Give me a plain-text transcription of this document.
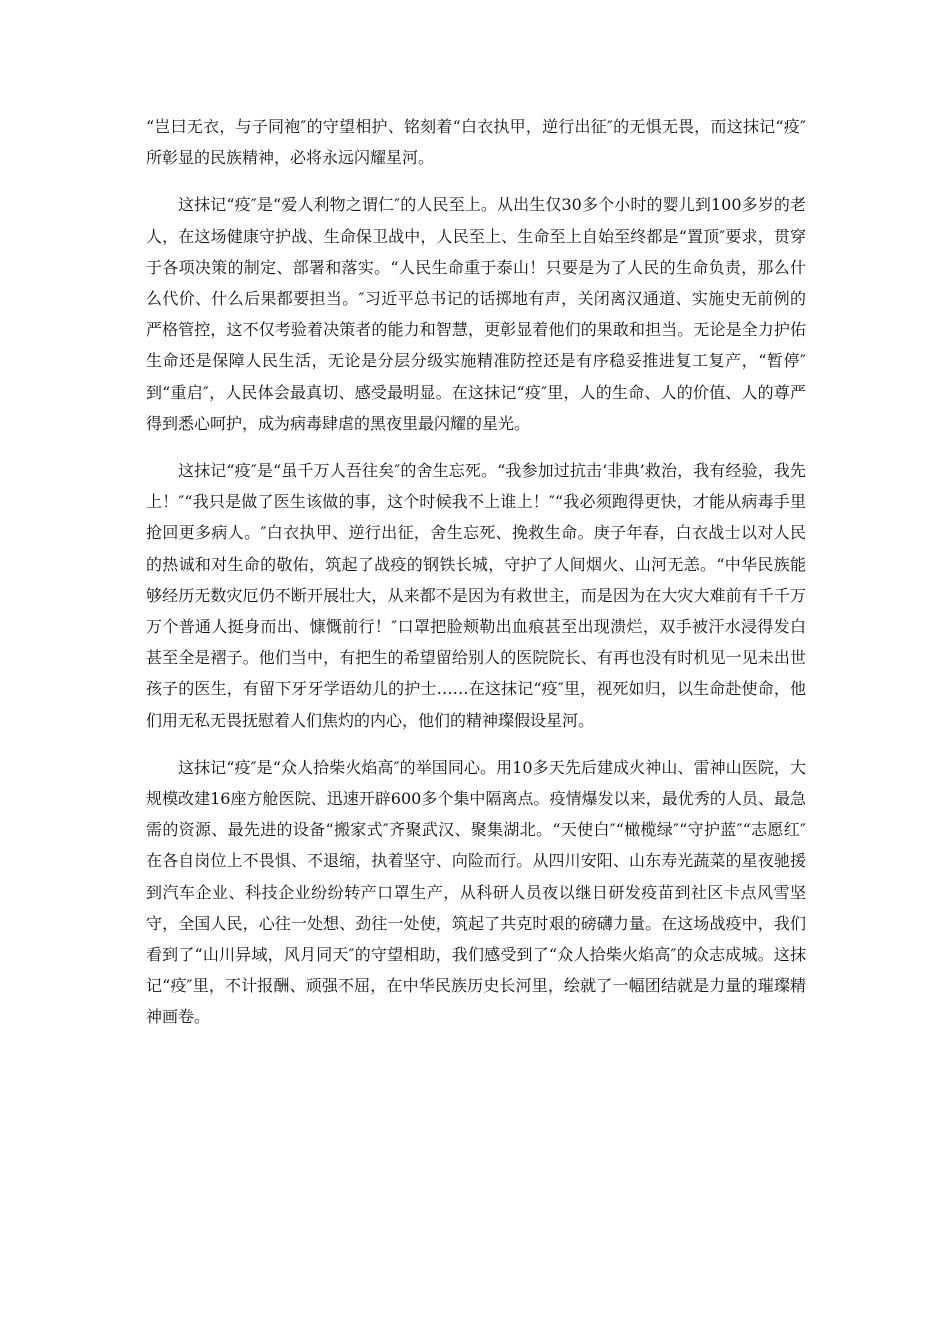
“岂曰无衣，与子同袍″的守望相护、铭刻着“白衣执甲，逆行出征″的无惧无畏，而这抹记“疫″所彰显的民族精神，必将永远闪耀星河。

这抹记“疫″是“爱人利物之谓仁″的人民至上。从出生仅30多个小时的婴儿到100多岁的老人，在这场健康守护战、生命保卫战中，人民至上、生命至上自始至终都是“置顶″要求，贯穿于各项决策的制定、部署和落实。“人民生命重于泰山！只要是为了人民的生命负责，那么什么代价、什么后果都要担当。″习近平总书记的话掷地有声，关闭离汉通道、实施史无前例的严格管控，这不仅考验着决策者的能力和智慧，更彰显着他们的果敢和担当。无论是全力护佑生命还是保障人民生活，无论是分层分级实施精准防控还是有序稳妥推进复工复产，“暂停″到“重启″，人民体会最真切、感受最明显。在这抹记“疫″里，人的生命、人的价值、人的尊严得到悉心呵护，成为病毒肆虐的黑夜里最闪耀的星光。

这抹记“疫″是“虽千万人吾往矣″的舍生忘死。“我参加过抗击‘非典’救治，我有经验，我先上！″“我只是做了医生该做的事，这个时候我不上谁上！″“我必须跑得更快，才能从病毒手里抢回更多病人。″白衣执甲、逆行出征，舍生忘死、挽救生命。庚子年春，白衣战士以对人民的热诚和对生命的敬佑，筑起了战疫的钢铁长城，守护了人间烟火、山河无恙。“中华民族能够经历无数灾厄仍不断开展壮大，从来都不是因为有救世主，而是因为在大灾大难前有千千万万个普通人挺身而出、慷慨前行！″口罩把脸颊勒出血痕甚至出现溃烂，双手被汗水浸得发白甚至全是褶子。他们当中，有把生的希望留给别人的医院院长、有再也没有时机见一见未出世孩子的医生，有留下牙牙学语幼儿的护士……在这抹记“疫″里，视死如归，以生命赴使命，他们用无私无畏抚慰着人们焦灼的内心，他们的精神璨假设星河。

这抹记“疫″是“众人拾柴火焰高″的举国同心。用10多天先后建成火神山、雷神山医院，大规模改建16座方舱医院、迅速开辟600多个集中隔离点。疫情爆发以来，最优秀的人员、最急需的资源、最先进的设备“搬家式″齐聚武汉、聚集湖北。“天使白″“橄榄绿″“守护蓝″“志愿红″在各自岗位上不畏惧、不退缩，执着坚守、向险而行。从四川安阳、山东寿光蔬菜的星夜驰援到汽车企业、科技企业纷纷转产口罩生产，从科研人员夜以继日研发疫苗到社区卡点风雪坚守，全国人民，心往一处想、劲往一处使，筑起了共克时艰的磅礴力量。在这场战疫中，我们看到了“山川异域，风月同天″的守望相助，我们感受到了“众人拾柴火焰高″的众志成城。这抹记“疫″里，不计报酬、顽强不屈，在中华民族历史长河里，绘就了一幅团结就是力量的璀璨精神画卷。
